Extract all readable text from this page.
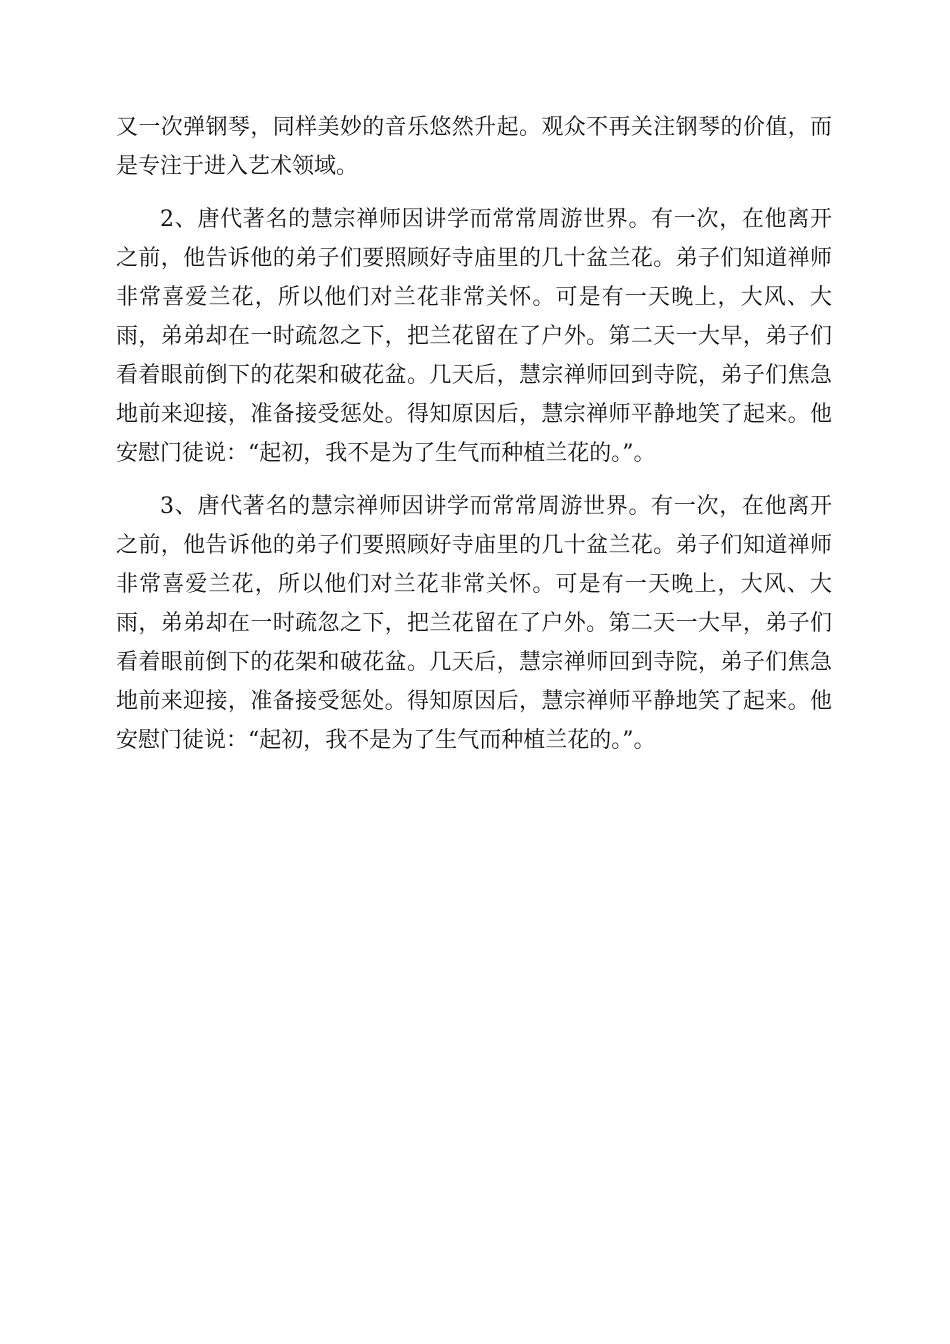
又一次弹钢琴，同样美妙的音乐悠然升起。观众不再关注钢琴的价值，而是专注于进入艺术领域。

2、唐代著名的慧宗禅师因讲学而常常周游世界。有一次，在他离开之前，他告诉他的弟子们要照顾好寺庙里的几十盆兰花。弟子们知道禅师非常喜爱兰花，所以他们对兰花非常关怀。可是有一天晚上，大风、大雨，弟弟却在一时疏忽之下，把兰花留在了户外。第二天一大早，弟子们看着眼前倒下的花架和破花盆。几天后，慧宗禅师回到寺院，弟子们焦急地前来迎接，准备接受惩处。得知原因后，慧宗禅师平静地笑了起来。他安慰门徒说：“起初，我不是为了生气而种植兰花的。”。

3、唐代著名的慧宗禅师因讲学而常常周游世界。有一次，在他离开之前，他告诉他的弟子们要照顾好寺庙里的几十盆兰花。弟子们知道禅师非常喜爱兰花，所以他们对兰花非常关怀。可是有一天晚上，大风、大雨，弟弟却在一时疏忽之下，把兰花留在了户外。第二天一大早，弟子们看着眼前倒下的花架和破花盆。几天后，慧宗禅师回到寺院，弟子们焦急地前来迎接，准备接受惩处。得知原因后，慧宗禅师平静地笑了起来。他安慰门徒说：“起初，我不是为了生气而种植兰花的。”。
